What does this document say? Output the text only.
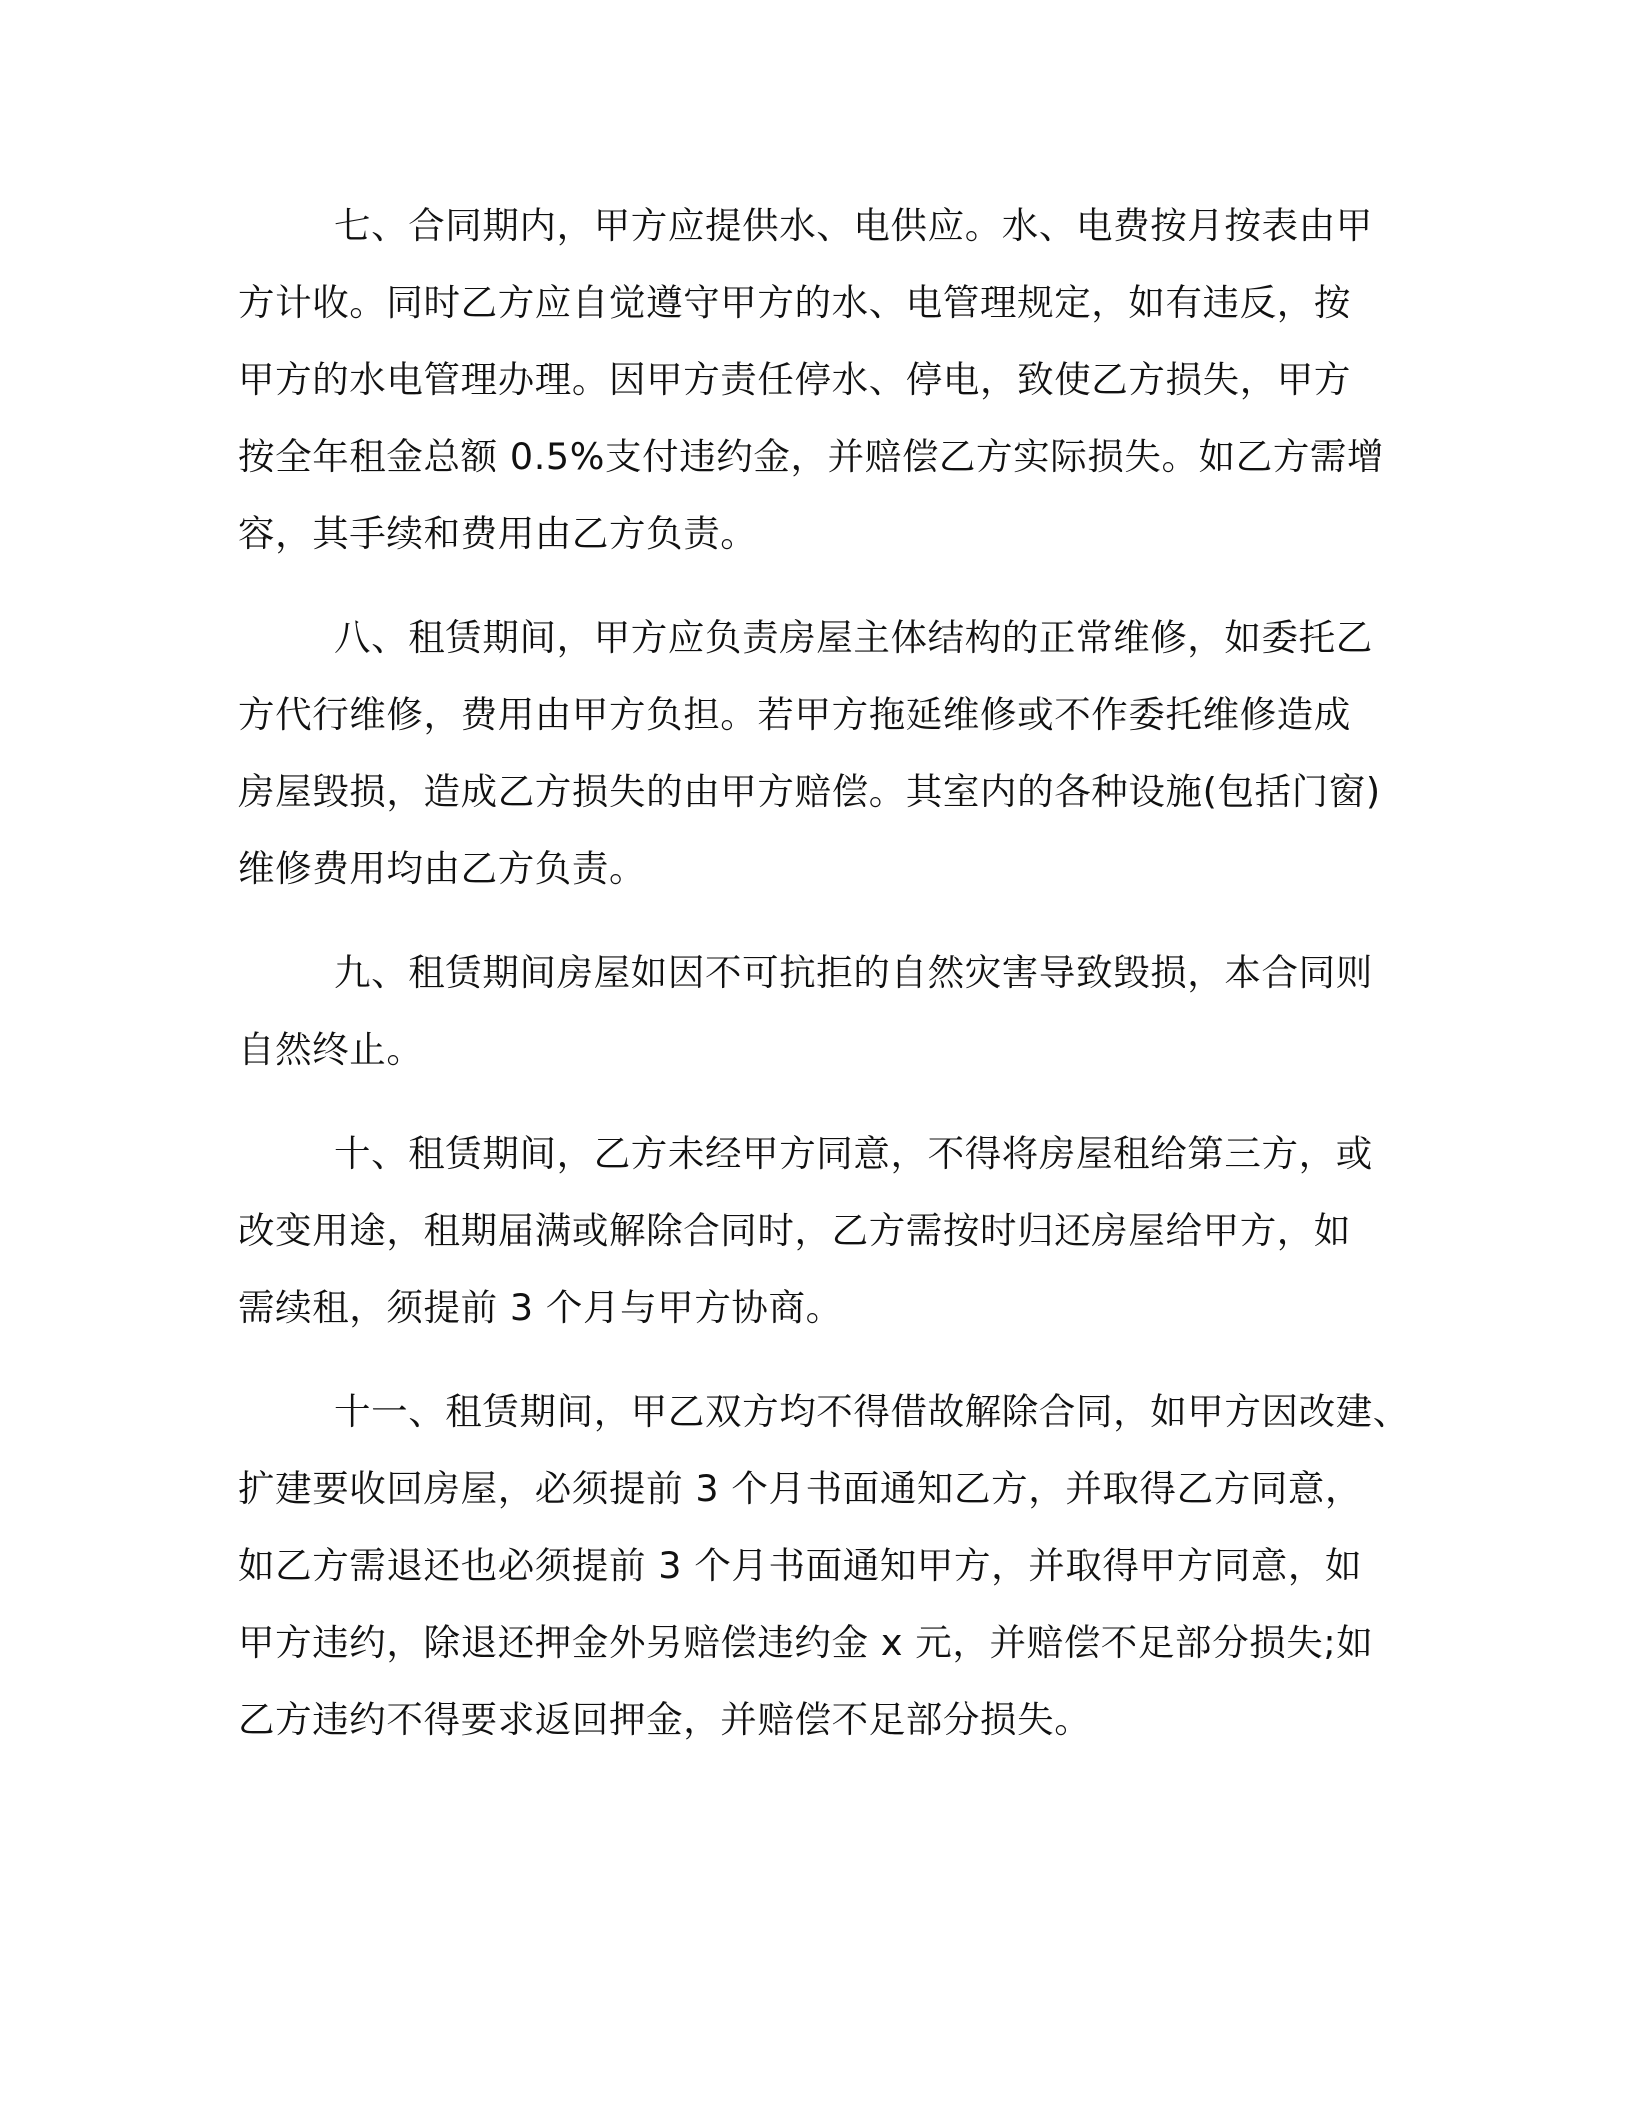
七、合同期内，甲方应提供水、电供应。水、电费按月按表由甲
方计收。同时乙方应自觉遵守甲方的水、电管理规定，如有违反，按
甲方的水电管理办理。因甲方责任停水、停电，致使乙方损失，甲方
按全年租金总额 0.5%支付违约金，并赔偿乙方实际损失。如乙方需增
容，其手续和费用由乙方负责。
八、租赁期间，甲方应负责房屋主体结构的正常维修，如委托乙
方代行维修，费用由甲方负担。若甲方拖延维修或不作委托维修造成
房屋毁损，造成乙方损失的由甲方赔偿。其室内的各种设施(包括门窗)
维修费用均由乙方负责。
九、租赁期间房屋如因不可抗拒的自然灾害导致毁损，本合同则
自然终止。
十、租赁期间，乙方未经甲方同意，不得将房屋租给第三方，或
改变用途，租期届满或解除合同时，乙方需按时归还房屋给甲方，如
需续租，须提前 3 个月与甲方协商。
十一、租赁期间，甲乙双方均不得借故解除合同，如甲方因改建、
扩建要收回房屋，必须提前 3 个月书面通知乙方，并取得乙方同意，
如乙方需退还也必须提前 3 个月书面通知甲方，并取得甲方同意，如
甲方违约，除退还押金外另赔偿违约金 x 元，并赔偿不足部分损失;如
乙方违约不得要求返回押金，并赔偿不足部分损失。
